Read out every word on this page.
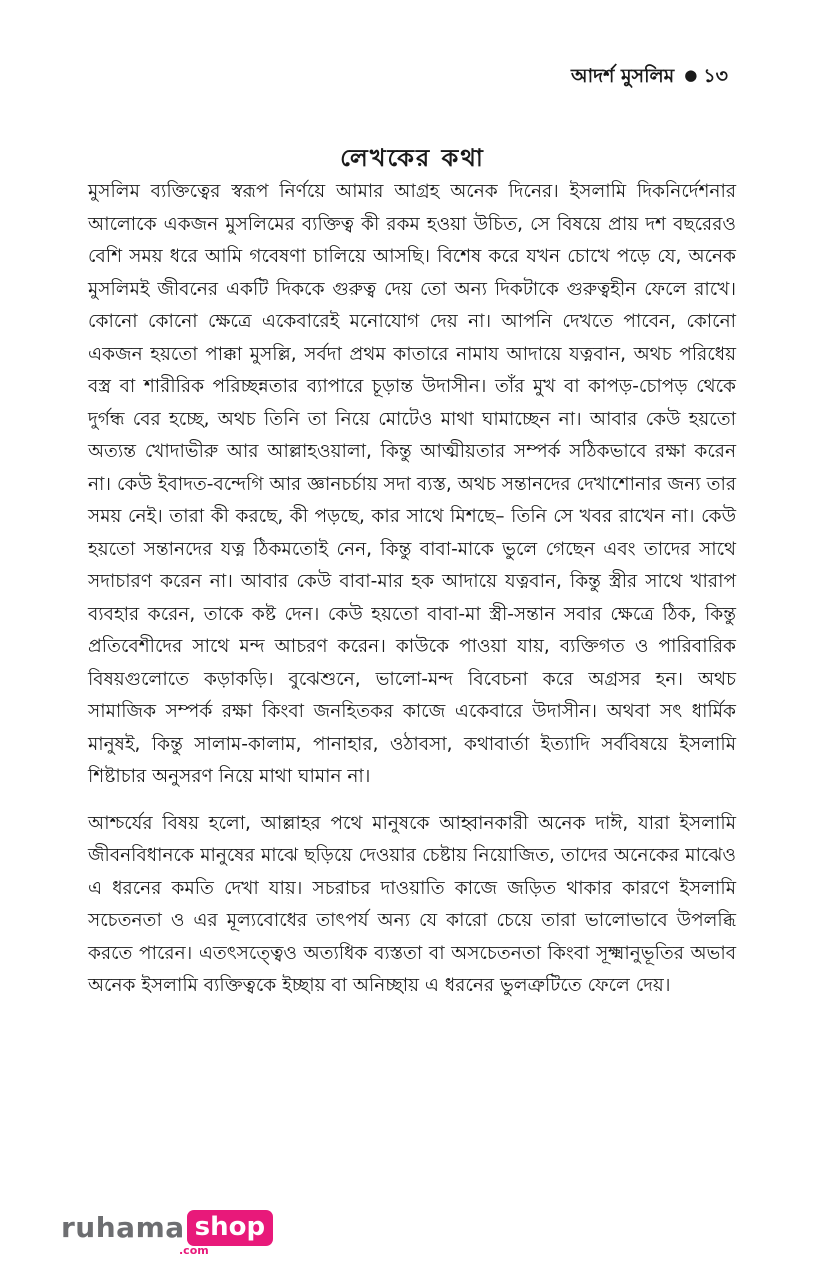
আদর্শ মুসলিম ● ১৩
লেখকের কথা

মুসলিম ব্যক্তিত্বের স্বরূপ নির্ণয়ে আমার আগ্রহ অনেক দিনের। ইসলামি দিকনির্দেশনার আলোকে একজন মুসলিমের ব্যক্তিত্ব কী রকম হওয়া উচিত, সে বিষয়ে প্রায় দশ বছরেরও বেশি সময় ধরে আমি গবেষণা চালিয়ে আসছি। বিশেষ করে যখন চোখে পড়ে যে, অনেক মুসলিমই জীবনের একটি দিককে গুরুত্ব দেয় তো অন্য দিকটাকে গুরুত্বহীন ফেলে রাখে। কোনো কোনো ক্ষেত্রে একেবারেই মনোযোগ দেয় না। আপনি দেখতে পাবেন, কোনো একজন হয়তো পাক্কা মুসল্লি, সর্বদা প্রথম কাতারে নামায আদায়ে যত্নবান, অথচ পরিধেয় বস্ত্র বা শারীরিক পরিচ্ছন্নতার ব্যাপারে চূড়ান্ত উদাসীন। তাঁর মুখ বা কাপড়-চোপড় থেকে দুর্গন্ধ বের হচ্ছে, অথচ তিনি তা নিয়ে মোটেও মাথা ঘামাচ্ছেন না। আবার কেউ হয়তো অত্যন্ত খোদাভীরু আর আল্লাহওয়ালা, কিন্তু আত্মীয়তার সম্পর্ক সঠিকভাবে রক্ষা করেন না। কেউ ইবাদত-বন্দেগি আর জ্ঞানচর্চায় সদা ব্যস্ত, অথচ সন্তানদের দেখাশোনার জন্য তার সময় নেই। তারা কী করছে, কী পড়ছে, কার সাথে মিশছে– তিনি সে খবর রাখেন না। কেউ হয়তো সন্তানদের যত্ন ঠিকমতোই নেন, কিন্তু বাবা-মাকে ভুলে গেছেন এবং তাদের সাথে সদাচারণ করেন না। আবার কেউ বাবা-মার হক আদায়ে যত্নবান, কিন্তু স্ত্রীর সাথে খারাপ ব্যবহার করেন, তাকে কষ্ট দেন। কেউ হয়তো বাবা-মা স্ত্রী-সন্তান সবার ক্ষেত্রে ঠিক, কিন্তু প্রতিবেশীদের সাথে মন্দ আচরণ করেন। কাউকে পাওয়া যায়, ব্যক্তিগত ও পারিবারিক বিষয়গুলোতে কড়াকড়ি। বুঝেশুনে, ভালো-মন্দ বিবেচনা করে অগ্রসর হন। অথচ সামাজিক সম্পর্ক রক্ষা কিংবা জনহিতকর কাজে একেবারে উদাসীন। অথবা সৎ ধার্মিক মানুষই, কিন্তু সালাম-কালাম, পানাহার, ওঠাবসা, কথাবার্তা ইত্যাদি সর্ববিষয়ে ইসলামি শিষ্টাচার অনুসরণ নিয়ে মাথা ঘামান না।

আশ্চর্যের বিষয় হলো, আল্লাহর পথে মানুষকে আহ্বানকারী অনেক দাঈ, যারা ইসলামি জীবনবিধানকে মানুষের মাঝে ছড়িয়ে দেওয়ার চেষ্টায় নিয়োজিত, তাদের অনেকের মাঝেও এ ধরনের কমতি দেখা যায়। সচরাচর দাওয়াতি কাজে জড়িত থাকার কারণে ইসলামি সচেতনতা ও এর মূল্যবোধের তাৎপর্য অন্য যে কারো চেয়ে তারা ভালোভাবে উপলব্ধি করতে পারেন। এতৎসত্ত্বেও অত্যধিক ব্যস্ততা বা অসচেতনতা কিংবা সূক্ষ্মানুভূতির অভাব অনেক ইসলামি ব্যক্তিত্বকে ইচ্ছায় বা অনিচ্ছায় এ ধরনের ভুলত্রুটিতে ফেলে দেয়।

ruhama shop
.com
